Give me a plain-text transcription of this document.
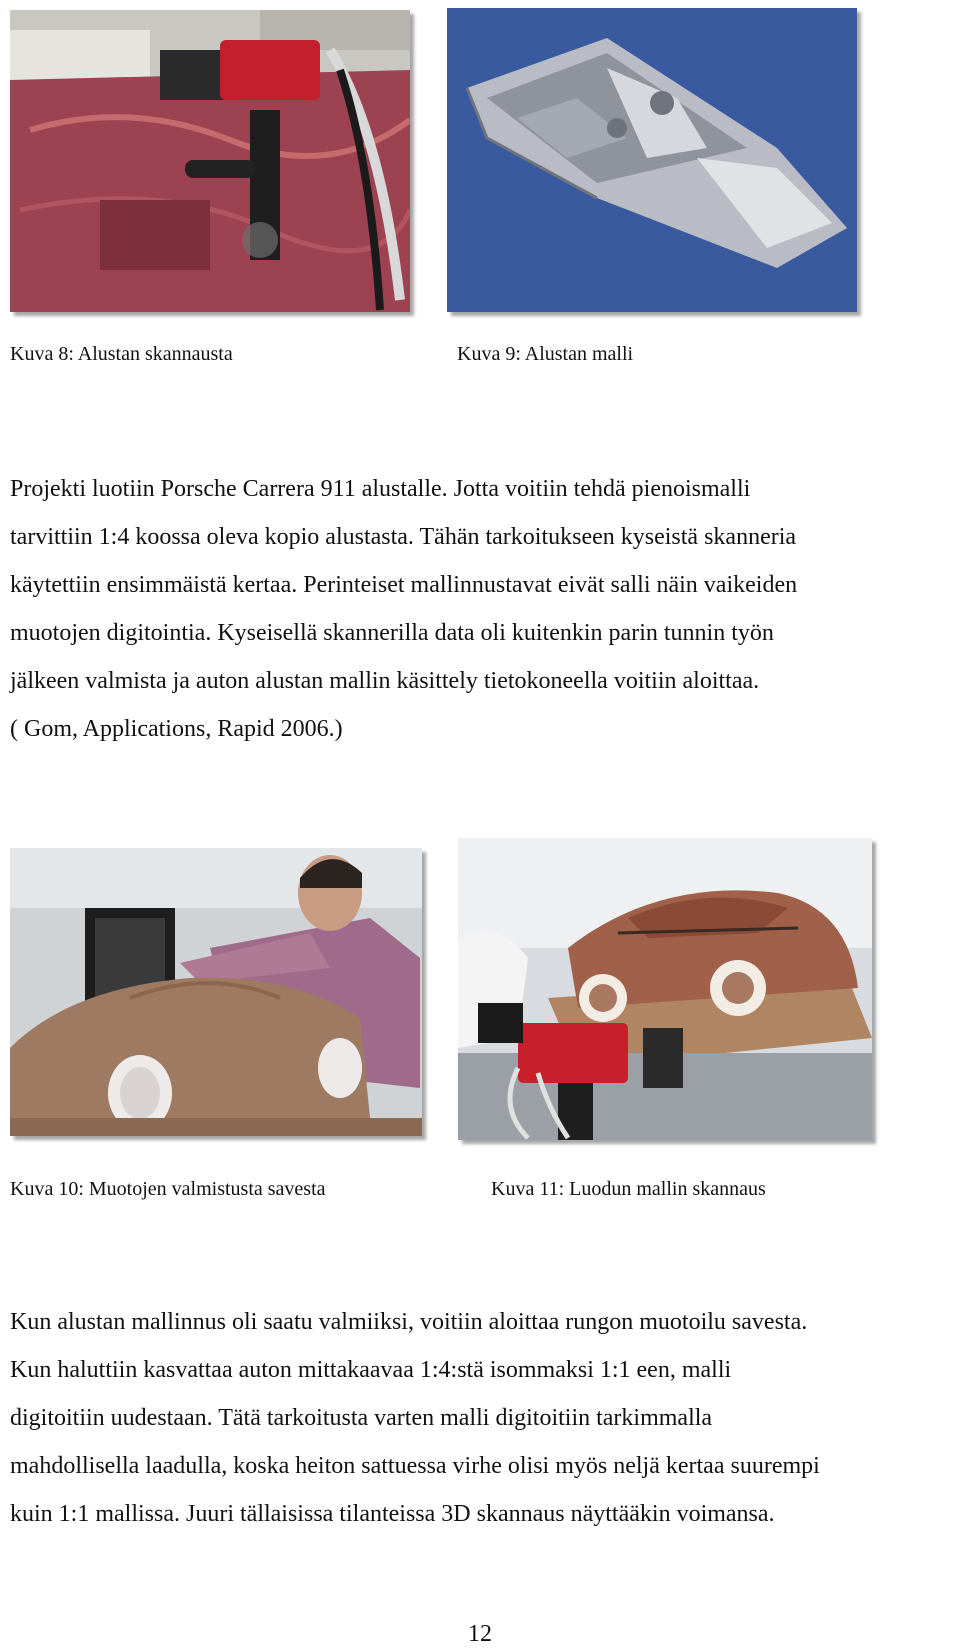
Kuva 8: Alustan skannausta	Kuva 9: Alustan malli

Projekti luotiin Porsche Carrera 911 alustalle. Jotta voitiin tehdä pienoismalli
tarvittiin 1:4 koossa oleva kopio alustasta. Tähän tarkoitukseen kyseistä skanneria
käytettiin ensimmäistä kertaa. Perinteiset mallinnustavat eivät salli näin vaikeiden
muotojen digitointia. Kyseisellä skannerilla data oli kuitenkin parin tunnin työn
jälkeen valmista ja auton alustan mallin käsittely tietokoneella voitiin aloittaa.
( Gom, Applications, Rapid 2006.)

Kuva 10: Muotojen valmistusta savesta	Kuva 11: Luodun mallin skannaus

Kun alustan mallinnus oli saatu valmiiksi, voitiin aloittaa rungon muotoilu savesta.
Kun haluttiin kasvattaa auton mittakaavaa 1:4:stä isommaksi 1:1 een, malli
digitoitiin uudestaan. Tätä tarkoitusta varten malli digitoitiin tarkimmalla
mahdollisella laadulla, koska heiton sattuessa virhe olisi myös neljä kertaa suurempi
kuin 1:1 mallissa. Juuri tällaisissa tilanteissa 3D skannaus näyttääkin voimansa.

12
